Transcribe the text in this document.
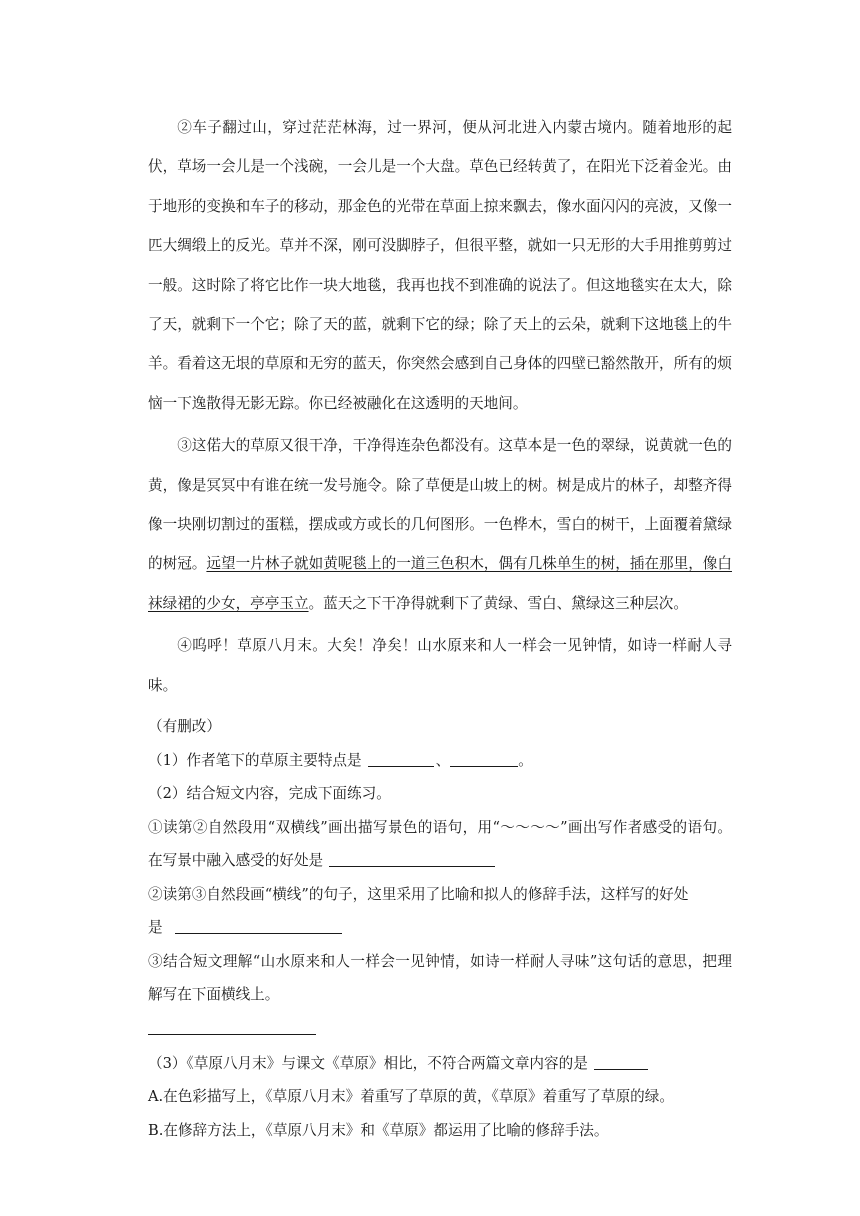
②车子翻过山，穿过茫茫林海，过一界河，便从河北进入内蒙古境内。随着地形的起伏，草场一会儿是一个浅碗，一会儿是一个大盘。草色已经转黄了，在阳光下泛着金光。由于地形的变换和车子的移动，那金色的光带在草面上掠来飘去，像水面闪闪的亮波，又像一匹大绸缎上的反光。草并不深，刚可没脚脖子，但很平整，就如一只无形的大手用推剪剪过一般。这时除了将它比作一块大地毯，我再也找不到准确的说法了。但这地毯实在太大，除了天，就剩下一个它；除了天的蓝，就剩下它的绿；除了天上的云朵，就剩下这地毯上的牛羊。看着这无垠的草原和无穷的蓝天，你突然会感到自己身体的四壁已豁然散开，所有的烦恼一下逸散得无影无踪。你已经被融化在这透明的天地间。

③这偌大的草原又很干净，干净得连杂色都没有。这草本是一色的翠绿，说黄就一色的黄，像是冥冥中有谁在统一发号施令。除了草便是山坡上的树。树是成片的林子，却整齐得像一块刚切割过的蛋糕，摆成或方或长的几何图形。一色桦木，雪白的树干，上面覆着黛绿的树冠。远望一片林子就如黄呢毯上的一道三色积木，偶有几株单生的树，插在那里，像白袜绿裙的少女，亭亭玉立。蓝天之下干净得就剩下了黄绿、雪白、黛绿这三种层次。

④呜呼！草原八月末。大矣！净矣！山水原来和人一样会一见钟情，如诗一样耐人寻味。

（有删改）

（1）作者笔下的草原主要特点是	、	。

（2）结合短文内容，完成下面练习。

①读第②自然段用“双横线”画出描写景色的语句，用“～～～～”画出写作者感受的语句。在写景中融入感受的好处是

②读第③自然段画“横线”的句子，这里采用了比喻和拟人的修辞手法，这样写的好处

是

③结合短文理解“山水原来和人一样会一见钟情，如诗一样耐人寻味”这句话的意思，把理解写在下面横线上。

（3）《草原八月末》与课文《草原》相比，不符合两篇文章内容的是

A.在色彩描写上，《草原八月末》着重写了草原的黄，《草原》着重写了草原的绿。

B.在修辞方法上，《草原八月末》和《草原》都运用了比喻的修辞手法。
